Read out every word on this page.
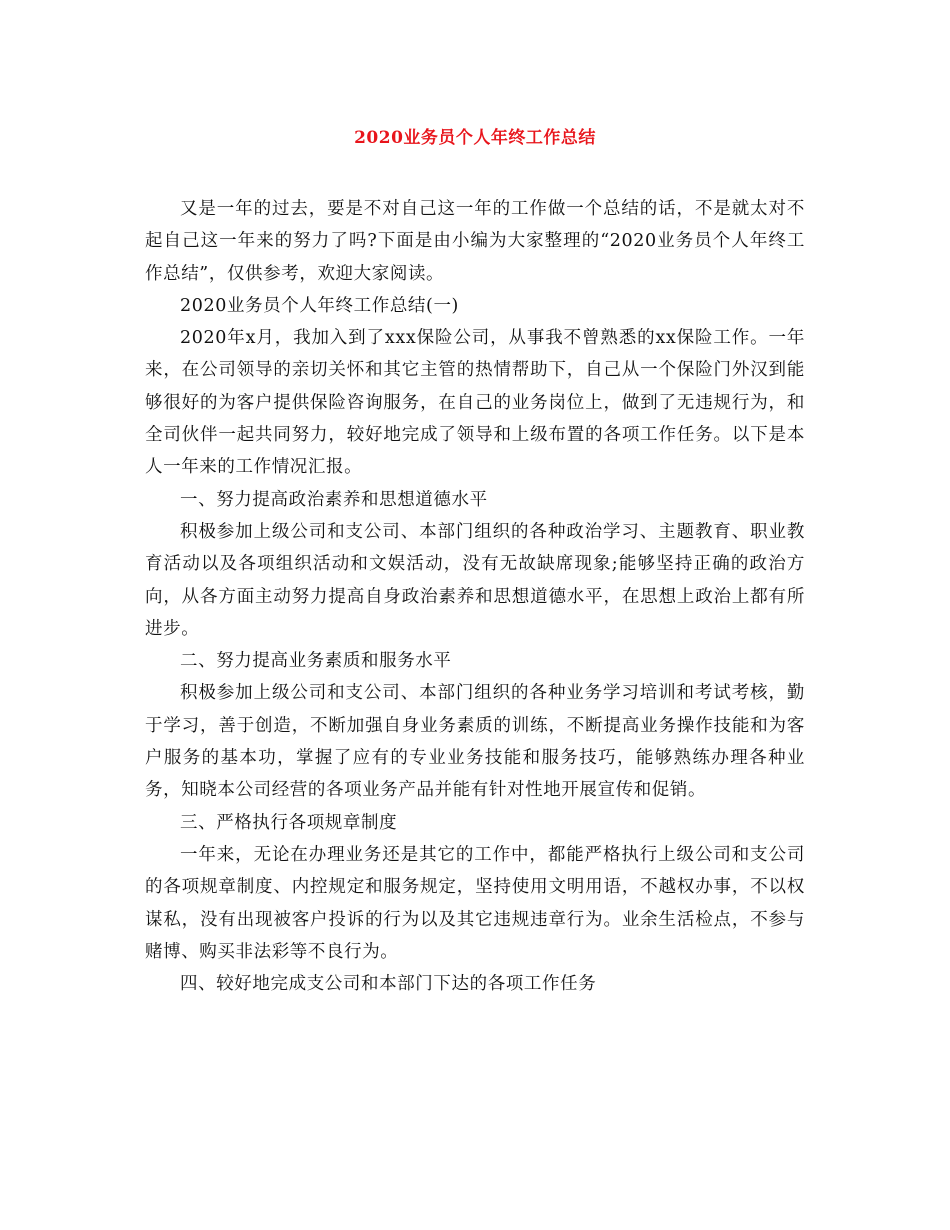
2020业务员个人年终工作总结

又是一年的过去，要是不对自己这一年的工作做一个总结的话，不是就太对不起自己这一年来的努力了吗?下面是由小编为大家整理的“2020业务员个人年终工作总结”，仅供参考，欢迎大家阅读。

2020业务员个人年终工作总结(一)

2020年x月，我加入到了xxx保险公司，从事我不曾熟悉的xx保险工作。一年来，在公司领导的亲切关怀和其它主管的热情帮助下，自己从一个保险门外汉到能够很好的为客户提供保险咨询服务，在自己的业务岗位上，做到了无违规行为，和全司伙伴一起共同努力，较好地完成了领导和上级布置的各项工作任务。以下是本人一年来的工作情况汇报。

一、努力提高政治素养和思想道德水平

积极参加上级公司和支公司、本部门组织的各种政治学习、主题教育、职业教育活动以及各项组织活动和文娱活动，没有无故缺席现象;能够坚持正确的政治方向，从各方面主动努力提高自身政治素养和思想道德水平，在思想上政治上都有所进步。

二、努力提高业务素质和服务水平

积极参加上级公司和支公司、本部门组织的各种业务学习培训和考试考核，勤于学习，善于创造，不断加强自身业务素质的训练，不断提高业务操作技能和为客户服务的基本功，掌握了应有的专业业务技能和服务技巧，能够熟练办理各种业务，知晓本公司经营的各项业务产品并能有针对性地开展宣传和促销。

三、严格执行各项规章制度

一年来，无论在办理业务还是其它的工作中，都能严格执行上级公司和支公司的各项规章制度、内控规定和服务规定，坚持使用文明用语，不越权办事，不以权谋私，没有出现被客户投诉的行为以及其它违规违章行为。业余生活检点，不参与赌博、购买非法彩等不良行为。

四、较好地完成支公司和本部门下达的各项工作任务
